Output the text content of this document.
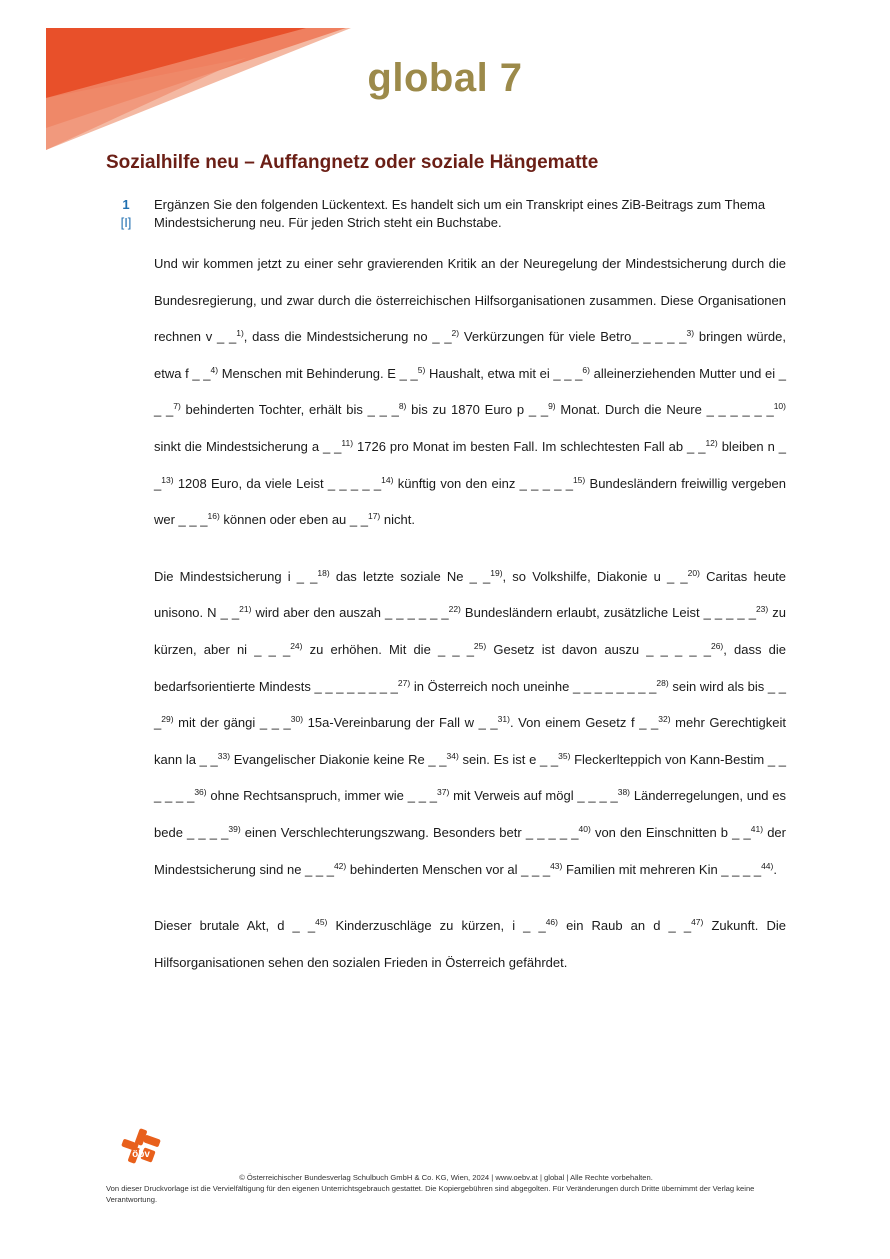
global 7
Sozialhilfe neu – Auffangnetz oder soziale Hängematte
1
[I]
Ergänzen Sie den folgenden Lückentext. Es handelt sich um ein Transkript eines ZiB-Beitrags zum Thema Mindestsicherung neu. Für jeden Strich steht ein Buchstabe.

Und wir kommen jetzt zu einer sehr gravierenden Kritik an der Neuregelung der Mindestsicherung durch die Bundesregierung, und zwar durch die österreichischen Hilfsorganisationen zusammen. Diese Organisationen rechnen v _ _$^{1)}$, dass die Mindestsicherung no _ _$^{2)}$ Verkürzungen für viele Betro_ _ _ _ _$^{3)}$ bringen würde, etwa f _ _$^{4)}$ Menschen mit Behinderung. E _ _$^{5)}$ Haushalt, etwa mit ei _ _ _$^{6)}$ alleinerziehenden Mutter und ei _ _ _$^{7)}$ behinderten Tochter, erhält bis _ _ _$^{8)}$ bis zu 1870 Euro p _ _$^{9)}$ Monat. Durch die Neure _ _ _ _ _ _$^{10)}$ sinkt die Mindestsicherung a _ _$^{11)}$ 1726 pro Monat im besten Fall. Im schlechtesten Fall ab _ _$^{12)}$ bleiben n _ _$^{13)}$ 1208 Euro, da viele Leist _ _ _ _ _$^{14)}$ künftig von den einz _ _ _ _ _$^{15)}$ Bundesländern freiwillig vergeben wer _ _ _$^{16)}$ können oder eben au _ _$^{17)}$ nicht.

Die Mindestsicherung i _ _$^{18)}$ das letzte soziale Ne _ _$^{19)}$, so Volkshilfe, Diakonie u _ _$^{20)}$ Caritas heute unisono. N _ _$^{21)}$ wird aber den auszah _ _ _ _ _ _$^{22)}$ Bundesländern erlaubt, zusätzliche Leist _ _ _ _ _$^{23)}$ zu kürzen, aber ni _ _ _$^{24)}$ zu erhöhen. Mit die _ _ _$^{25)}$ Gesetz ist davon auszu _ _ _ _ _$^{26)}$, dass die bedarfsorientierte Mindests _ _ _ _ _ _ _ _$^{27)}$ in Österreich noch uneinhe _ _ _ _ _ _ _ _$^{28)}$ sein wird als bis _ _ _$^{29)}$ mit der gängi _ _ _$^{30)}$ 15a-Vereinbarung der Fall w _ _$^{31)}$. Von einem Gesetz f _ _$^{32)}$ mehr Gerechtigkeit kann la _ _$^{33)}$ Evangelischer Diakonie keine Re _ _$^{34)}$ sein. Es ist e _ _$^{35)}$ Fleckerlteppich von Kann-Bestim _ _ _ _ _ _$^{36)}$ ohne Rechtsanspruch, immer wie _ _ _$^{37)}$ mit Verweis auf mögl _ _ _ _$^{38)}$ Länderregelungen, und es bede _ _ _ _$^{39)}$ einen Verschlechterungszwang. Besonders betr _ _ _ _ _$^{40)}$ von den Einschnitten b _ _$^{41)}$ der Mindestsicherung sind ne _ _ _$^{42)}$ behinderten Menschen vor al _ _ _$^{43)}$ Familien mit mehreren Kin _ _ _ _$^{44)}$.

Dieser brutale Akt, d _ _$^{45)}$ Kinderzuschläge zu kürzen, i _ _$^{46)}$ ein Raub an d _ _$^{47)}$ Zukunft. Die Hilfsorganisationen sehen den sozialen Frieden in Österreich gefährdet.

öbv
© Österreichischer Bundesverlag Schulbuch GmbH & Co. KG, Wien, 2024 | www.oebv.at | global | Alle Rechte vorbehalten.
Von dieser Druckvorlage ist die Vervielfältigung für den eigenen Unterrichtsgebrauch gestattet. Die Kopiergebühren sind abgegolten. Für Veränderungen durch Dritte übernimmt der Verlag keine Verantwortung.
